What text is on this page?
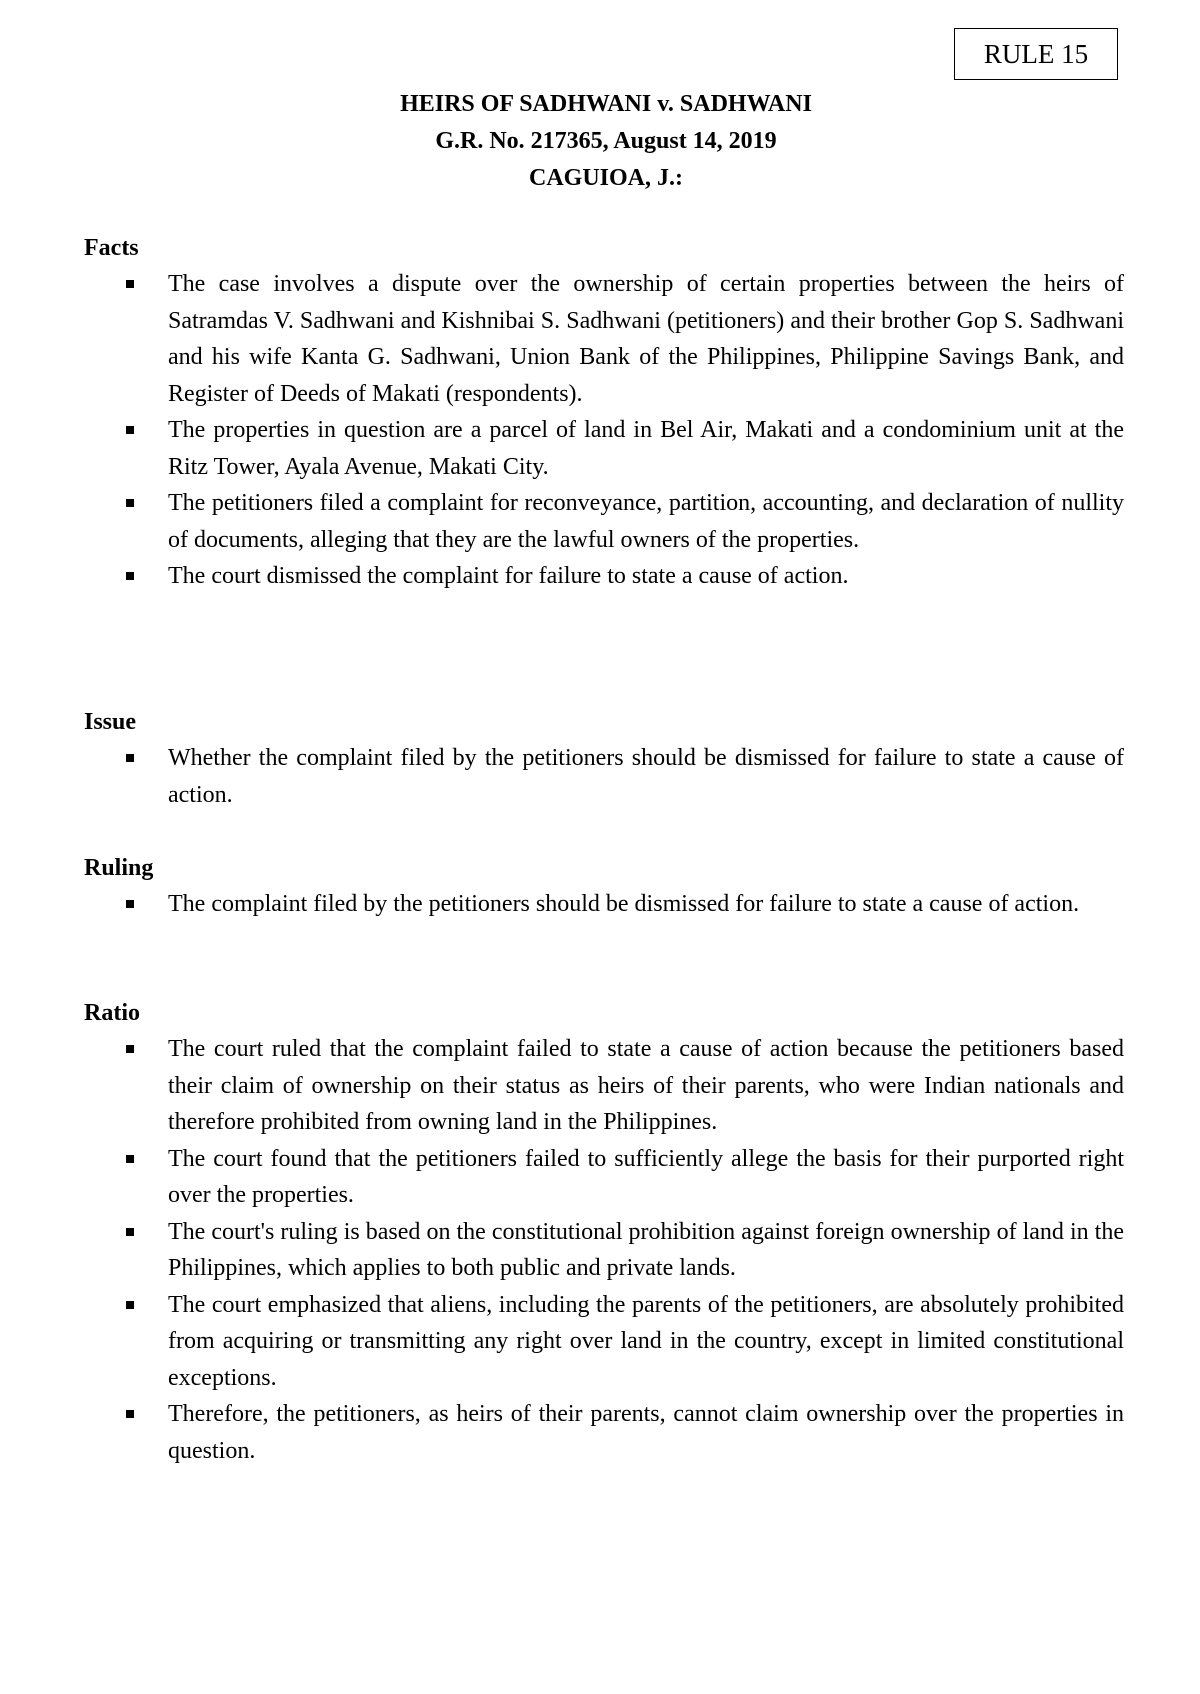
RULE 15
HEIRS OF SADHWANI v. SADHWANI
G.R. No. 217365, August 14, 2019
CAGUIOA, J.:
Facts
The case involves a dispute over the ownership of certain properties between the heirs of Satramdas V. Sadhwani and Kishnibai S. Sadhwani (petitioners) and their brother Gop S. Sadhwani and his wife Kanta G. Sadhwani, Union Bank of the Philippines, Philippine Savings Bank, and Register of Deeds of Makati (respondents).
The properties in question are a parcel of land in Bel Air, Makati and a condominium unit at the Ritz Tower, Ayala Avenue, Makati City.
The petitioners filed a complaint for reconveyance, partition, accounting, and declaration of nullity of documents, alleging that they are the lawful owners of the properties.
The court dismissed the complaint for failure to state a cause of action.
Issue
Whether the complaint filed by the petitioners should be dismissed for failure to state a cause of action.
Ruling
The complaint filed by the petitioners should be dismissed for failure to state a cause of action.
Ratio
The court ruled that the complaint failed to state a cause of action because the petitioners based their claim of ownership on their status as heirs of their parents, who were Indian nationals and therefore prohibited from owning land in the Philippines.
The court found that the petitioners failed to sufficiently allege the basis for their purported right over the properties.
The court's ruling is based on the constitutional prohibition against foreign ownership of land in the Philippines, which applies to both public and private lands.
The court emphasized that aliens, including the parents of the petitioners, are absolutely prohibited from acquiring or transmitting any right over land in the country, except in limited constitutional exceptions.
Therefore, the petitioners, as heirs of their parents, cannot claim ownership over the properties in question.
